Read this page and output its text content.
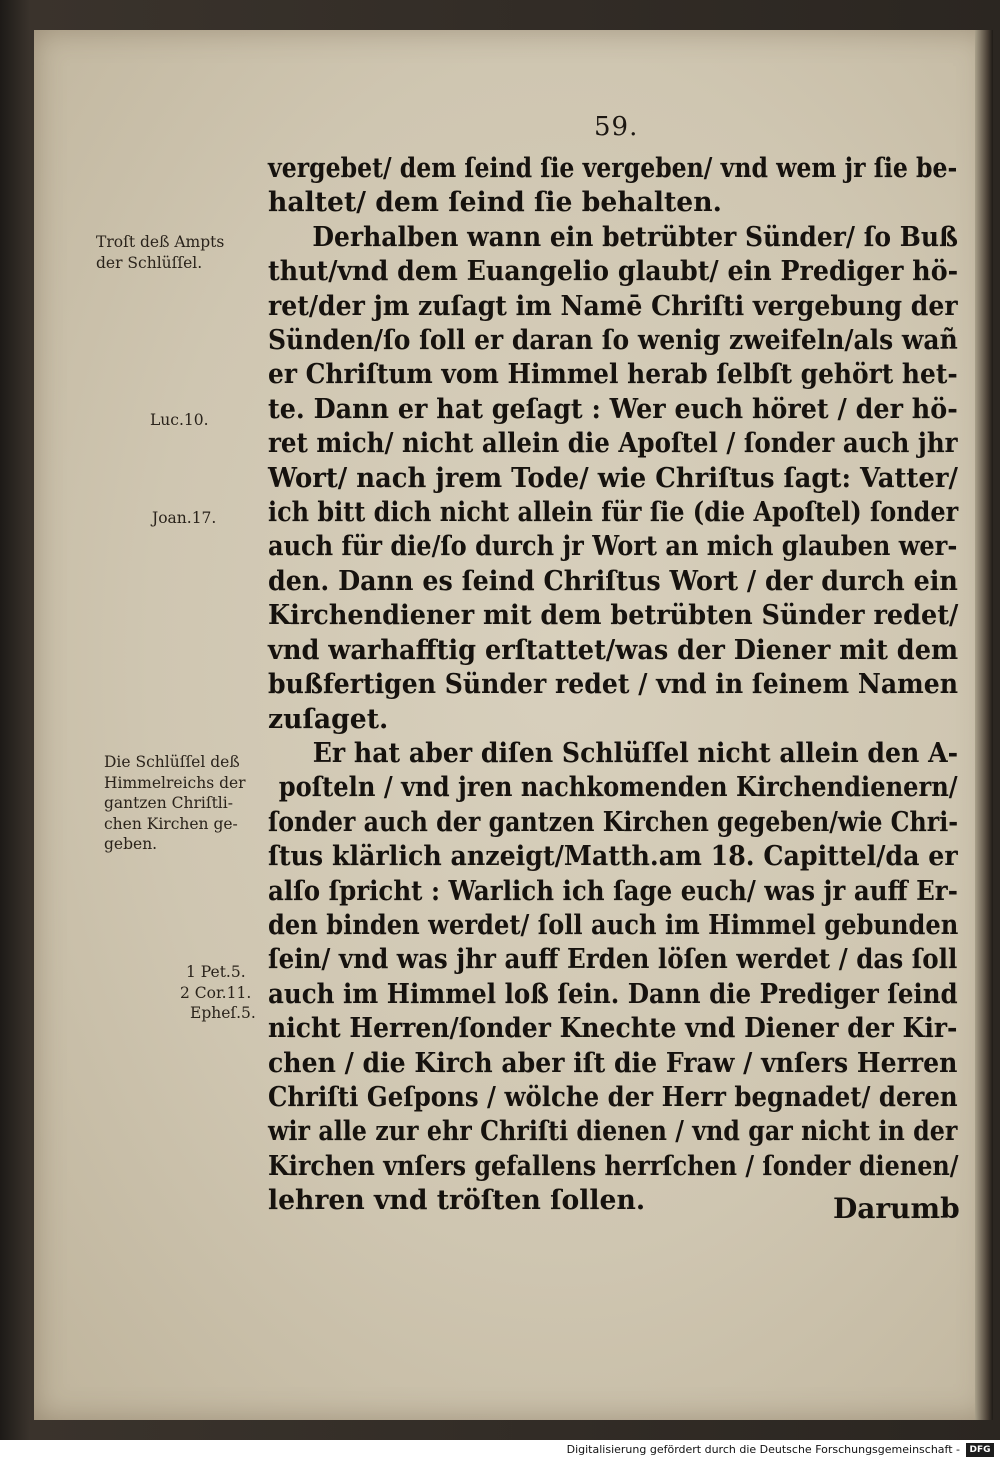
59.
vergebet/ dem ſeind ſie vergeben/ vnd wem jr ſie be-
haltet/ dem ſeind ſie behalten.
Derhalben wann ein betrübter Sünder/ ſo Buß
thut/vnd dem Euangelio glaubt/ ein Prediger hö-
ret/der jm zuſagt im Namē Chriſti vergebung der
Sünden/ſo ſoll er daran ſo wenig zweifeln/als wañ
er Chriſtum vom Himmel herab ſelbſt gehört het-
te. Dann er hat geſagt : Wer euch höret / der hö-
ret mich/ nicht allein die Apoſtel / ſonder auch jhr
Wort/ nach jrem Tode/ wie Chriſtus ſagt: Vatter/
ich bitt dich nicht allein für ſie (die Apoſtel) ſonder
auch für die/ſo durch jr Wort an mich glauben wer-
den. Dann es ſeind Chriſtus Wort / der durch ein
Kirchendiener mit dem betrübten Sünder redet/
vnd warhafftig erſtattet/was der Diener mit dem
bußfertigen Sünder redet / vnd in ſeinem Namen
zuſaget.
Er hat aber diſen Schlüſſel nicht allein den A-
poſteln / vnd jren nachkomenden Kirchendienern/
ſonder auch der gantzen Kirchen gegeben/wie Chri-
ſtus klärlich anzeigt/Matth.am 18. Capittel/da er
alſo ſpricht : Warlich ich ſage euch/ was jr auff Er-
den binden werdet/ ſoll auch im Himmel gebunden
ſein/ vnd was jhr auff Erden löſen werdet / das ſoll
auch im Himmel loß ſein. Dann die Prediger ſeind
nicht Herren/ſonder Knechte vnd Diener der Kir-
chen / die Kirch aber iſt die Fraw / vnſers Herren
Chriſti Geſpons / wölche der Herr begnadet/ deren
wir alle zur ehr Chriſti dienen / vnd gar nicht in der
Kirchen vnſers gefallens herrſchen / ſonder dienen/
lehren vnd tröſten ſollen.
Troſt deß Ampts
der Schlüſſel.
Luc.10.
Joan.17.
Die Schlüſſel deß
Himmelreichs der
gantzen Chriſtli-
chen Kirchen ge-
geben.
1 Pet.5.
2 Cor.11.
Epheſ.5.
Darumb
Digitalisierung gefördert durch die Deutsche Forschungsgemeinschaft -	DFG
